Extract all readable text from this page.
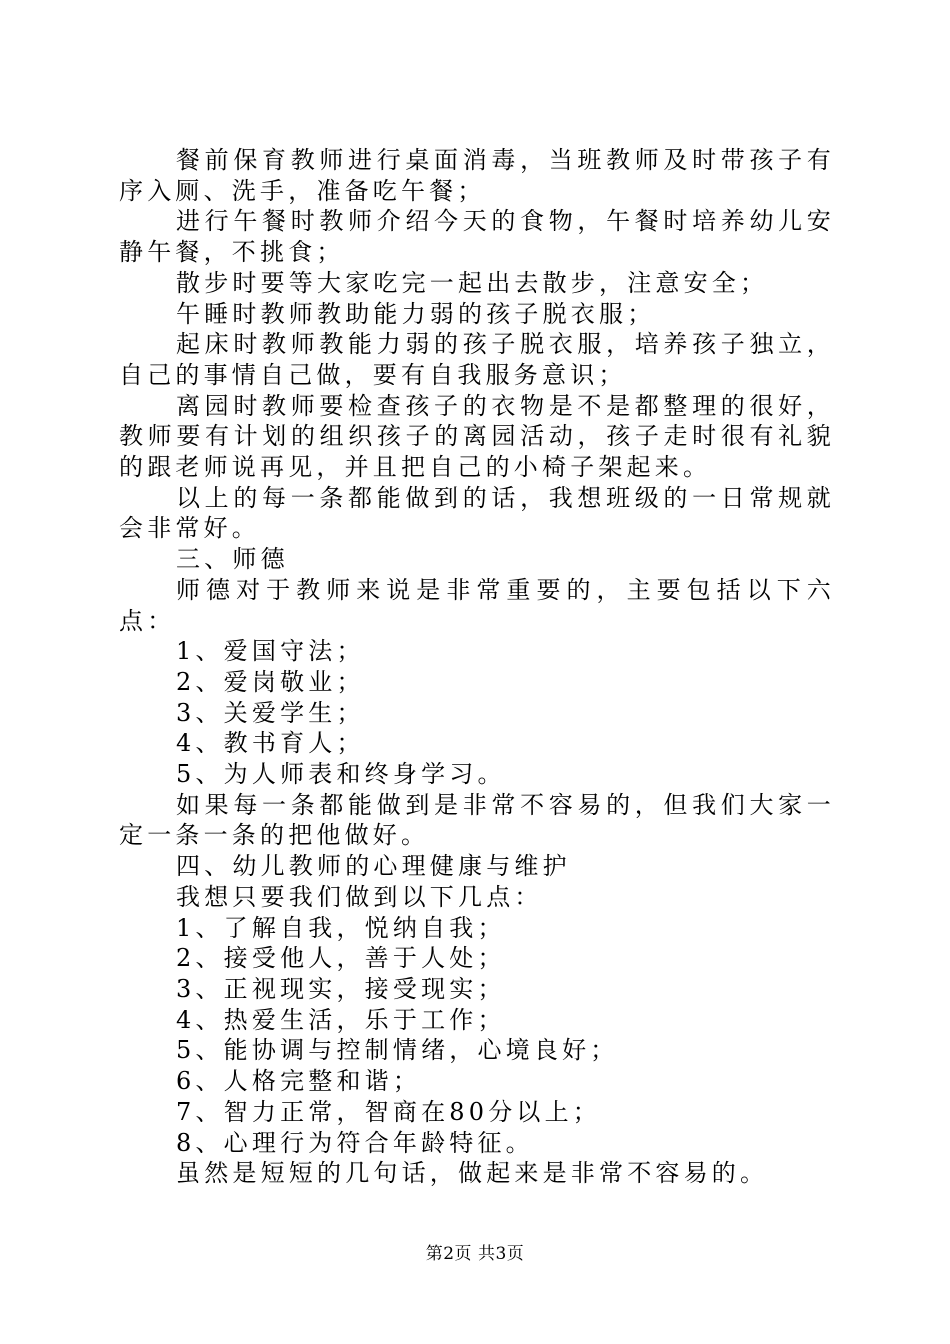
餐前保育教师进行桌面消毒，当班教师及时带孩子有序入厕、洗手，准备吃午餐；

进行午餐时教师介绍今天的食物，午餐时培养幼儿安静午餐，不挑食；

散步时要等大家吃完一起出去散步，注意安全；

午睡时教师教助能力弱的孩子脱衣服；

起床时教师教能力弱的孩子脱衣服，培养孩子独立，自己的事情自己做，要有自我服务意识；

离园时教师要检查孩子的衣物是不是都整理的很好，教师要有计划的组织孩子的离园活动，孩子走时很有礼貌的跟老师说再见，并且把自己的小椅子架起来。

以上的每一条都能做到的话，我想班级的一日常规就会非常好。

三、师德

师德对于教师来说是非常重要的，主要包括以下六点：

1、爱国守法；

2、爱岗敬业；

3、关爱学生；

4、教书育人；

5、为人师表和终身学习。

如果每一条都能做到是非常不容易的，但我们大家一定一条一条的把他做好。

四、幼儿教师的心理健康与维护

我想只要我们做到以下几点：

1、了解自我，悦纳自我；

2、接受他人，善于人处；

3、正视现实，接受现实；

4、热爱生活，乐于工作；

5、能协调与控制情绪，心境良好；

6、人格完整和谐；

7、智力正常，智商在80分以上；

8、心理行为符合年龄特征。

虽然是短短的几句话，做起来是非常不容易的。

第2页 共3页
